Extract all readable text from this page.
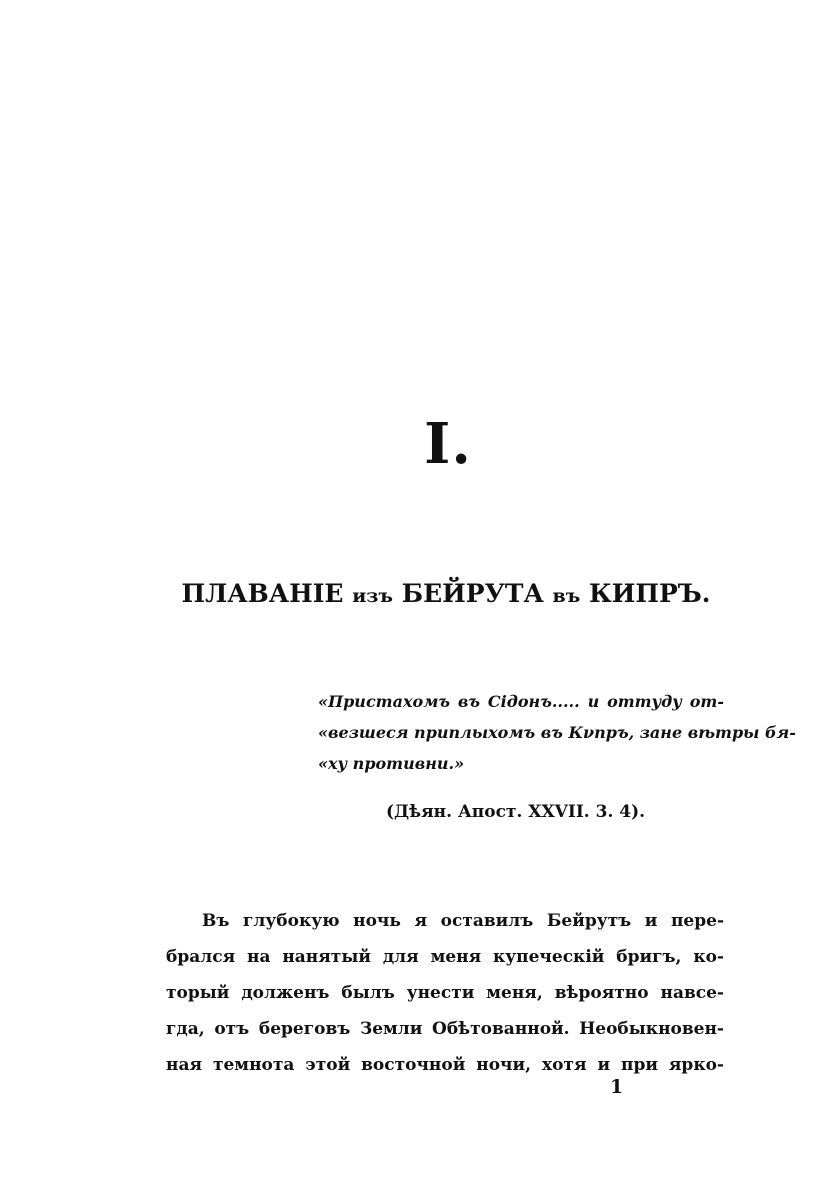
I.
ПЛАВАНІЕ изъ БЕЙРУТА въ КИПРЪ.
«Пристахомъ въ Сідонъ..... и оттуду от-
«везшеся приплыхомъ въ Кνпръ, зане вѣтры бя-
«ху противни.»
(Дѣян. Апост. XXVII. 3. 4).
Въ глубокую ночь я оставилъ Бейрутъ и пере-
брался на нанятый для меня купеческій бригъ, ко-
торый долженъ былъ унести меня, вѣроятно навсе-
гда, отъ береговъ Земли Обѣтованной. Необыкновен-
ная темнота этой восточной ночи, хотя и при ярко-
1
